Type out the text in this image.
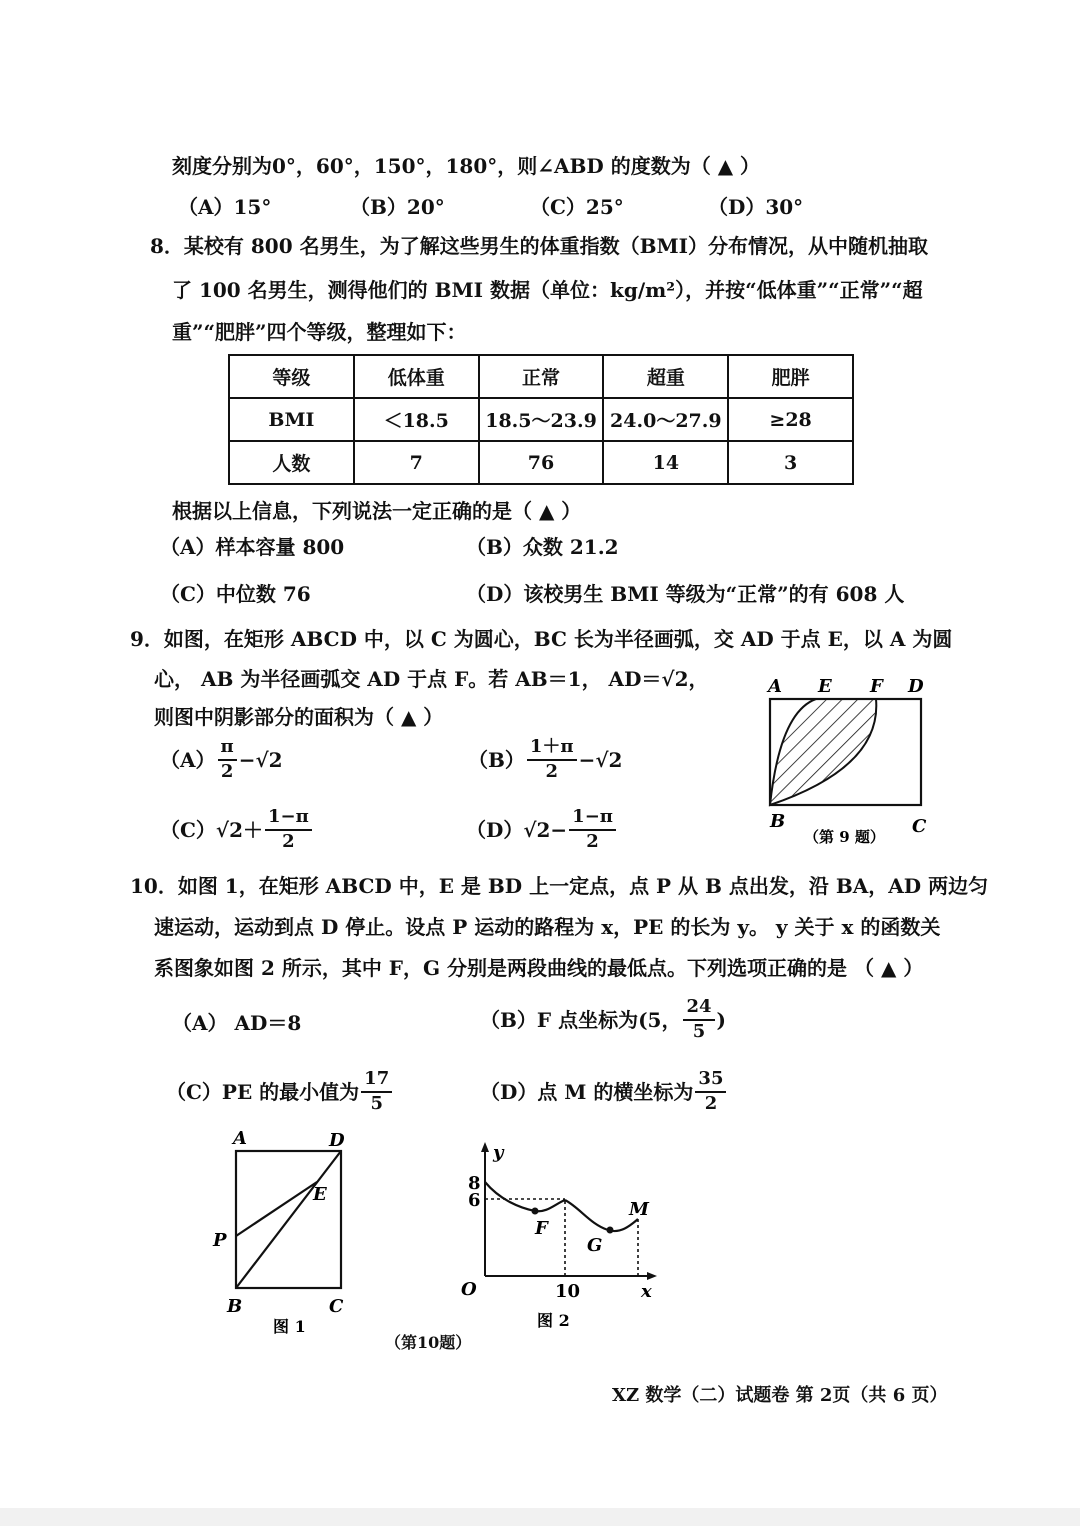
刻度分别为0°，60°，150°，180°，则∠ABD 的度数为（ ▲ ）
（A）15°	（B）20°	（C）25°	（D）30°
8．某校有 800 名男生，为了解这些男生的体重指数（BMI）分布情况，从中随机抽取
了 100 名男生，测得他们的 BMI 数据（单位：kg/m²），并按“低体重”“正常”“超
重”“肥胖”四个等级，整理如下：
等级	低体重	正常	超重	肥胖
BMI	＜18.5	18.5～23.9	24.0～27.9	≥28
人数	7	76	14	3
根据以上信息，下列说法一定正确的是（ ▲ ）
（A）样本容量 800	（B）众数 21.2
（C）中位数 76	（D）该校男生 BMI 等级为“正常”的有 608 人
9．如图，在矩形 ABCD 中，以 C 为圆心，BC 长为半径画弧，交 AD 于点 E，以 A 为圆
心， AB 为半径画弧交 AD 于点 F。若 AB＝1， AD＝√2，
则图中阴影部分的面积为（ ▲ ）
$(A) \frac{\pi}{2} -√2$	$(B) \frac{1+\pi}{2} -√2$
（C） $√2+ \frac{1-\pi}{2}$	（D） $√2- \frac{1-\pi}{2}$
A E F D
B	C
（第 9 题）
10．如图 1，在矩形 ABCD 中，E 是 BD 上一定点，点 P 从 B 点出发，沿 BA，AD 两边匀
速运动，运动到点 D 停止。设点 P 运动的路程为 x，PE 的长为 y。 y 关于 x 的函数关
系图象如图 2 所示，其中 F，G 分别是两段曲线的最低点。下列选项正确的是 （ ▲ ）
（A） AD＝8	（B）F 点坐标为(5， $\frac{24}{5}$ )
（C）PE 的最小值为 $\frac{17}{5}$	（D）点 M 的横坐标为 $\frac{35}{2}$
A	D
E
P
B	C
图 1
y
8
6
O	10	x
F
G
M
图 2
（第10题）
XZ 数学（二）试题卷 第 2页（共 6 页）
